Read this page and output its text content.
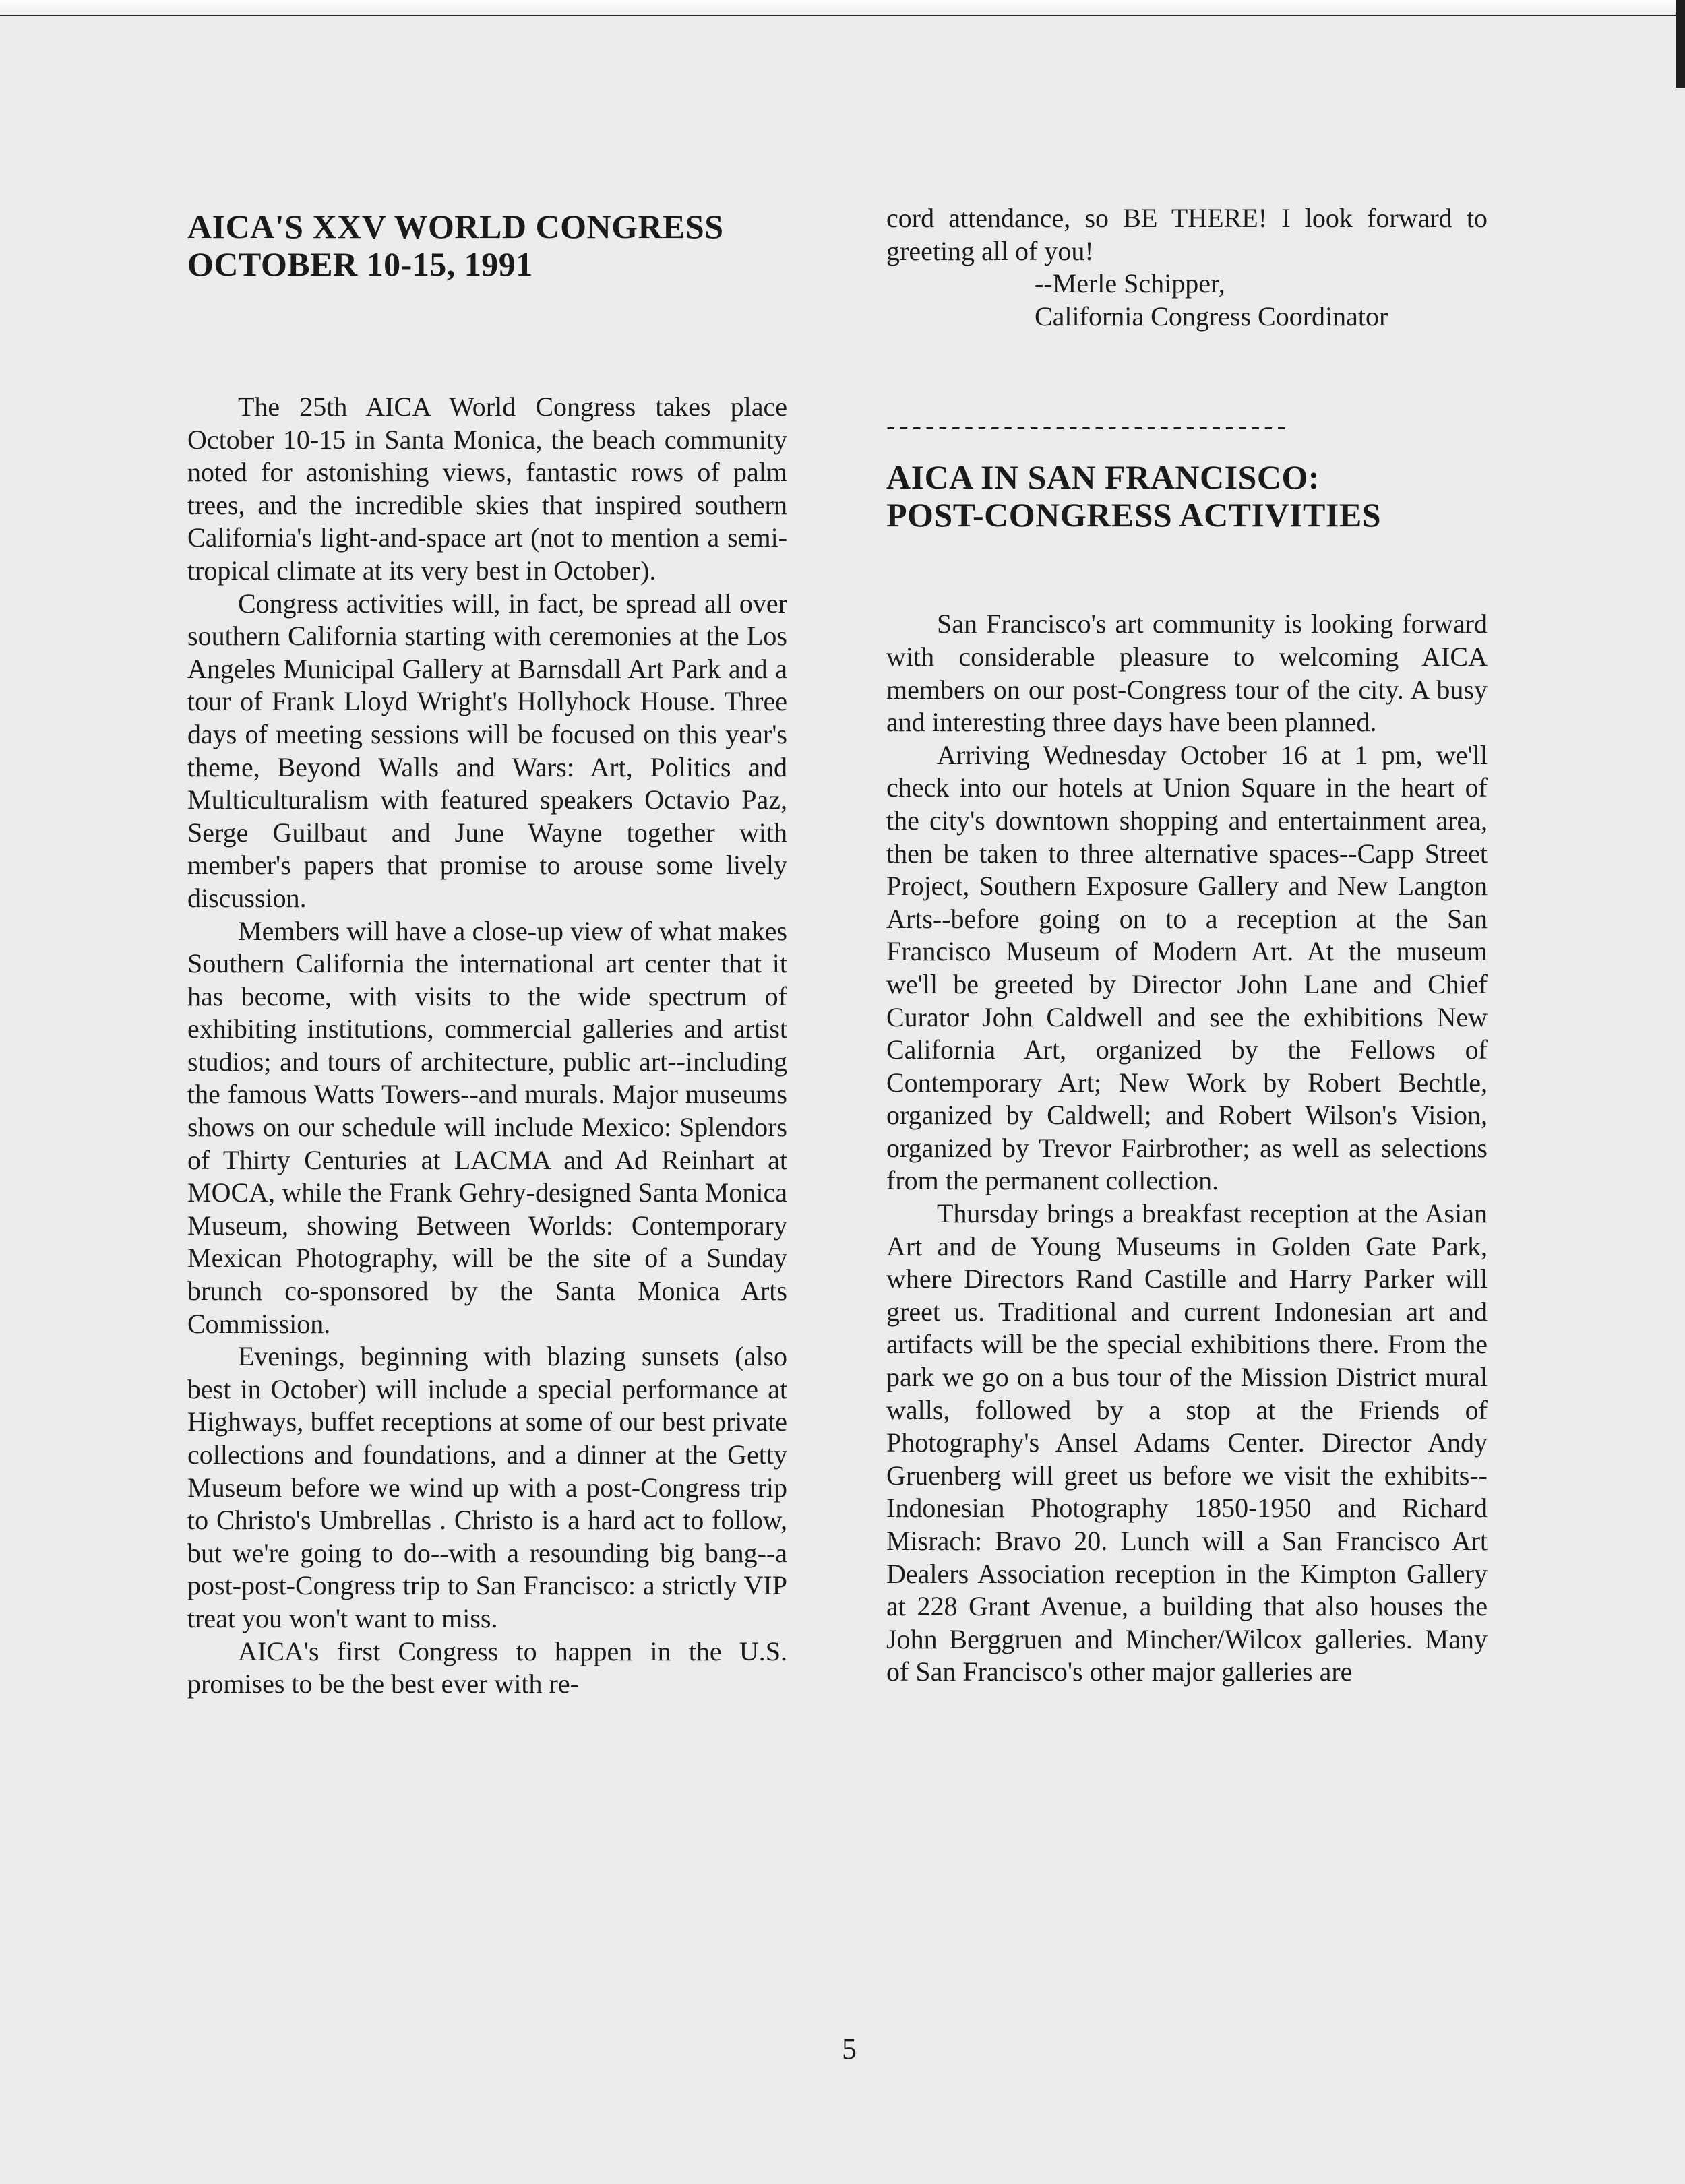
AICA'S XXV WORLD CONGRESS
OCTOBER 10-15, 1991

The 25th AICA World Congress takes place October 10-15 in Santa Monica, the beach community noted for astonishing views, fantastic rows of palm trees, and the incredible skies that inspired southern California's light-and-space art (not to mention a semi-tropical climate at its very best in October).

Congress activities will, in fact, be spread all over southern California starting with ceremonies at the Los Angeles Municipal Gallery at Barnsdall Art Park and a tour of Frank Lloyd Wright's Hollyhock House. Three days of meeting sessions will be focused on this year's theme, Beyond Walls and Wars: Art, Politics and Multiculturalism with featured speakers Octavio Paz, Serge Guilbaut and June Wayne together with member's papers that promise to arouse some lively discussion.

Members will have a close-up view of what makes Southern California the international art center that it has become, with visits to the wide spectrum of exhibiting institutions, commercial galleries and artist studios; and tours of architecture, public art--including the famous Watts Towers--and murals. Major museums shows on our schedule will include Mexico: Splendors of Thirty Centuries at LACMA and Ad Reinhart at MOCA, while the Frank Gehry-designed Santa Monica Museum, showing Between Worlds: Contemporary Mexican Photography, will be the site of a Sunday brunch co-sponsored by the Santa Monica Arts Commission.

Evenings, beginning with blazing sunsets (also best in October) will include a special performance at Highways, buffet receptions at some of our best private collections and foundations, and a dinner at the Getty Museum before we wind up with a post-Congress trip to Christo's Umbrellas . Christo is a hard act to follow, but we're going to do--with a resounding big bang--a post-post-Congress trip to San Francisco: a strictly VIP treat you won't want to miss.

AICA's first Congress to happen in the U.S. promises to be the best ever with re-

cord attendance, so BE THERE! I look forward to greeting all of you!

--Merle Schipper,

California Congress Coordinator

-------------------------------
AICA IN SAN FRANCISCO:
POST-CONGRESS ACTIVITIES

San Francisco's art community is looking forward with considerable pleasure to welcoming AICA members on our post-Congress tour of the city. A busy and interesting three days have been planned.

Arriving Wednesday October 16 at 1 pm, we'll check into our hotels at Union Square in the heart of the city's downtown shopping and entertainment area, then be taken to three alternative spaces--Capp Street Project, Southern Exposure Gallery and New Langton Arts--before going on to a reception at the San Francisco Museum of Modern Art. At the museum we'll be greeted by Director John Lane and Chief Curator John Caldwell and see the exhibitions New California Art, organized by the Fellows of Contemporary Art; New Work by Robert Bechtle, organized by Caldwell; and Robert Wilson's Vision, organized by Trevor Fairbrother; as well as selections from the permanent collection.

Thursday brings a breakfast reception at the Asian Art and de Young Museums in Golden Gate Park, where Directors Rand Castille and Harry Parker will greet us. Traditional and current Indonesian art and artifacts will be the special exhibitions there. From the park we go on a bus tour of the Mission District mural walls, followed by a stop at the Friends of Photography's Ansel Adams Center. Director Andy Gruenberg will greet us before we visit the exhibits--Indonesian Photography 1850-1950 and Richard Misrach: Bravo 20. Lunch will a San Francisco Art Dealers Association reception in the Kimpton Gallery at 228 Grant Avenue, a building that also houses the John Berggruen and Mincher/Wilcox galleries. Many of San Francisco's other major galleries are

5
